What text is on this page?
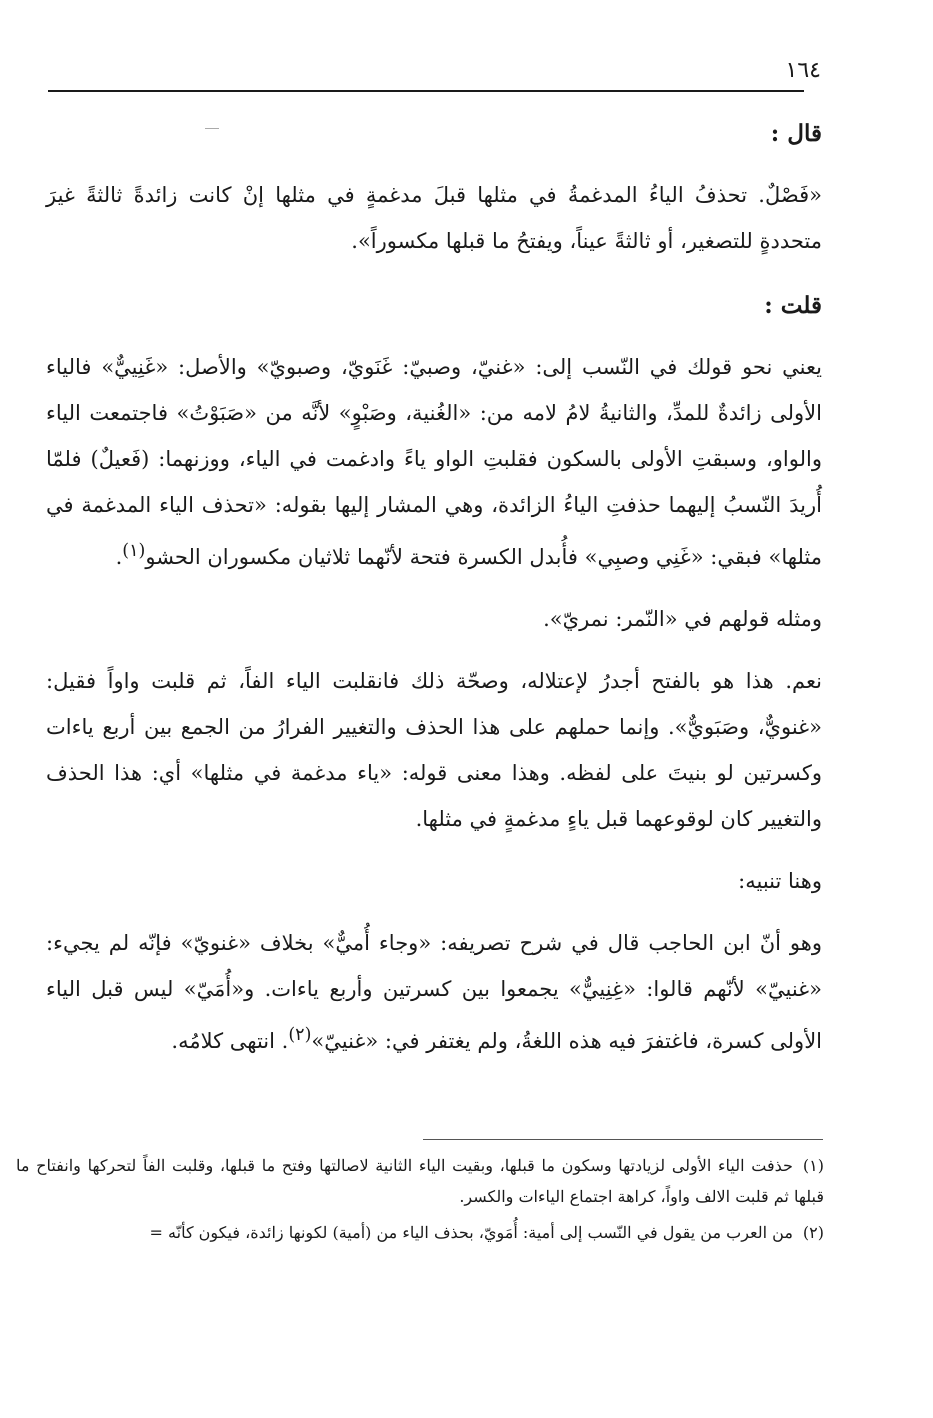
١٦٤

قال :

«فَصْلٌ. تحذفُ الياءُ المدغمةُ في مثلها قبلَ مدغمةٍ في مثلها إنْ كانت زائدةً ثالثةً غيرَ متحددةٍ للتصغير، أو ثالثةً عيناً، ويفتحُ ما قبلها مكسوراً».

قلت :

يعني نحو قولك في النّسب إلى: «غنيّ، وصبيّ: غَنَويّ، وصبويّ» والأصل: «غَنِييٌّ» فالياء الأولى زائدةٌ للمدِّ، والثانيةُ لامُ لامه من: «الغُنية، وصَبْوٍ» لأنَّه من «صَبَوْتُ» فاجتمعت الياء والواو، وسبقتِ الأولى بالسكون فقلبتِ الواو ياءً وادغمت في الياء، ووزنهما: (فَعيلٌ) فلمّا أُريدَ النّسبُ إليهما حذفتِ الياءُ الزائدة، وهي المشار إليها بقوله: «تحذف الياء المدغمة في مثلها» فبقي: «غَنِي وصبِي» فأُبدل الكسرة فتحة لأنّهما ثلاثيان مكسوران الحشو$^{(١)}$.

ومثله قولهم في «النّمر: نمريّ».

نعم. هذا هو بالفتح أجدرُ لإعتلاله، وصحّة ذلك فانقلبت الياء الفاً، ثم قلبت واواً فقيل: «غنويٌّ، وصَبَويٌّ». وإنما حملهم على هذا الحذف والتغيير الفرارُ من الجمع بين أربع ياءات وكسرتين لو بنيتَ على لفظه. وهذا معنى قوله: «ياء مدغمة في مثلها» أي: هذا الحذف والتغيير كان لوقوعهما قبل ياءٍ مدغمةٍ في مثلها.

وهنا تنبيه:

وهو أنّ ابن الحاجب قال في شرح تصريفه: «وجاء أُميٌّ» بخلاف «غنويّ» فإنّه لم يجيء: «غنييّ» لأنّهم قالوا: «غِنِييٌّ» يجمعوا بين كسرتين وأربع ياءات. و«أُمَيّ» ليس قبل الياء الأولى كسرة، فاغتفرَ فيه هذه اللغةُ، ولم يغتفر في: «غنييّ»$^{(٢)}$. انتهى كلامُه.

(١)حذفت الياء الأولى لزيادتها وسكون ما قبلها، وبقيت الياء الثانية لاصالتها وفتح ما قبلها، وقلبت الفاً لتحركها وانفتاح ما قبلها ثم قلبت الالف واواً، كراهة اجتماع الياءات والكسر.

(٢)من العرب من يقول في النّسب إلى أمية: أُمَويّ، بحذف الياء من (أمية) لكونها زائدة، فيكون كأنّه =
